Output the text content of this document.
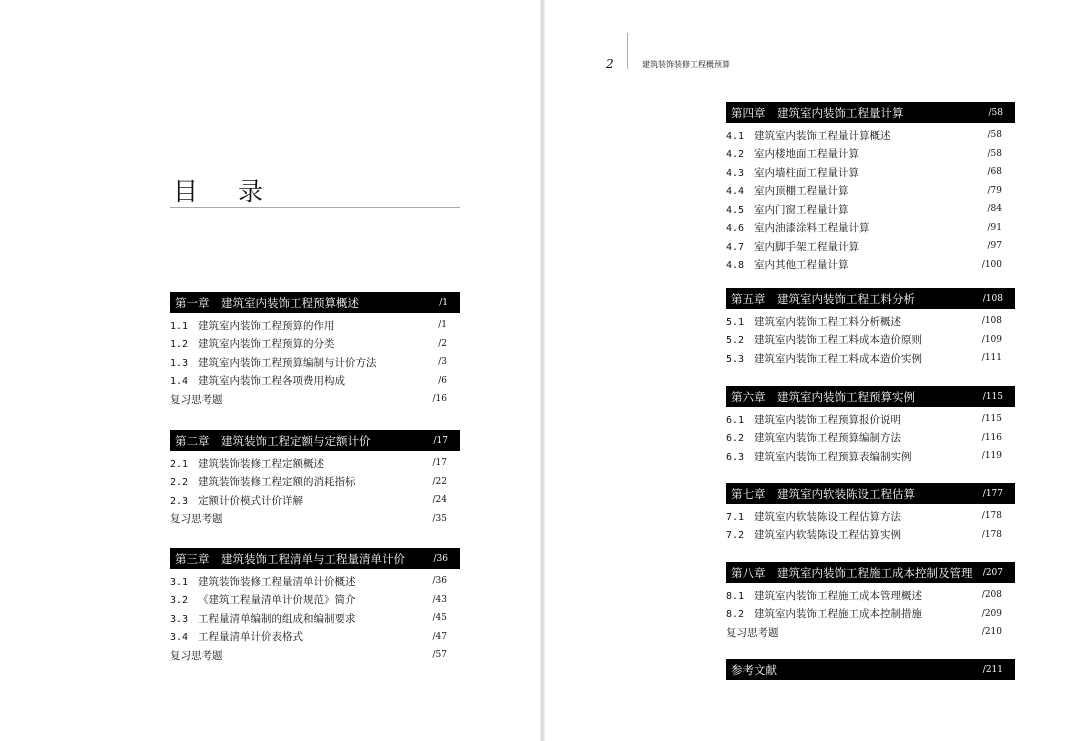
目 录
2	建筑装饰装修工程概预算
第一章　建筑室内装饰工程预算概述	/1
1.1 建筑室内装饰工程预算的作用	/1
1.2 建筑室内装饰工程预算的分类	/2
1.3 建筑室内装饰工程预算编制与计价方法	/3
1.4 建筑室内装饰工程各项费用构成	/6
复习思考题	/16
第二章　建筑装饰工程定额与定额计价	/17
2.1 建筑装饰装修工程定额概述	/17
2.2 建筑装饰装修工程定额的消耗指标	/22
2.3 定额计价模式计价详解	/24
复习思考题	/35
第三章　建筑装饰工程清单与工程量清单计价	/36
3.1 建筑装饰装修工程量清单计价概述	/36
3.2 《建筑工程量清单计价规范》简介	/43
3.3 工程量清单编制的组成和编制要求	/45
3.4 工程量清单计价表格式	/47
复习思考题	/57
第四章　建筑室内装饰工程量计算	/58
4.1 建筑室内装饰工程量计算概述	/58
4.2 室内楼地面工程量计算	/58
4.3 室内墙柱面工程量计算	/68
4.4 室内顶棚工程量计算	/79
4.5 室内门窗工程量计算	/84
4.6 室内油漆涂料工程量计算	/91
4.7 室内脚手架工程量计算	/97
4.8 室内其他工程量计算	/100
第五章　建筑室内装饰工程工料分析	/108
5.1 建筑室内装饰工程工料分析概述	/108
5.2 建筑室内装饰工程工料成本造价原则	/109
5.3 建筑室内装饰工程工料成本造价实例	/111
第六章　建筑室内装饰工程预算实例	/115
6.1 建筑室内装饰工程预算报价说明	/115
6.2 建筑室内装饰工程预算编制方法	/116
6.3 建筑室内装饰工程预算表编制实例	/119
第七章　建筑室内软装陈设工程估算	/177
7.1 建筑室内软装陈设工程估算方法	/178
7.2 建筑室内软装陈设工程估算实例	/178
第八章　建筑室内装饰工程施工成本控制及管理 /207
8.1 建筑室内装饰工程施工成本管理概述	/208
8.2 建筑室内装饰工程施工成本控制措施	/209
复习思考题	/210
参考文献	/211
